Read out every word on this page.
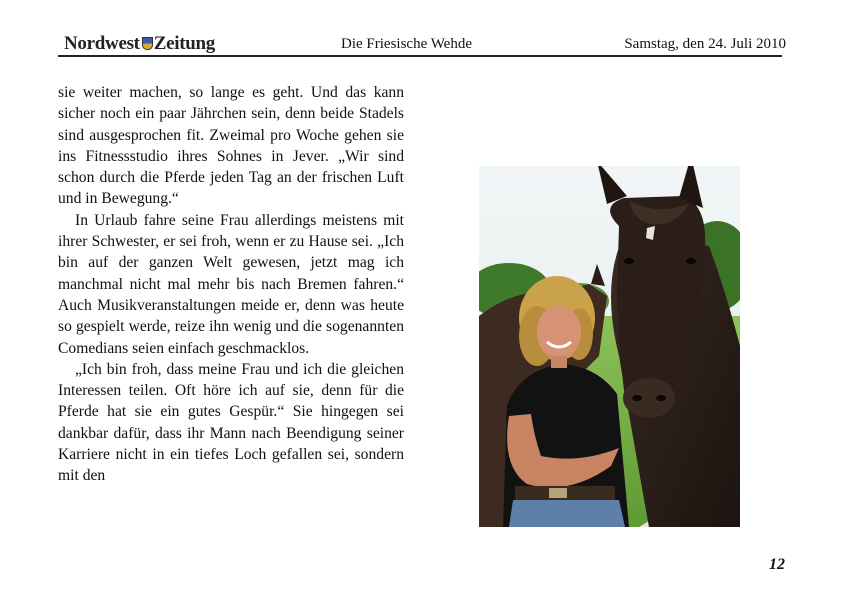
Nordwest Zeitung	Die Friesische Wehde	Samstag, den 24. Juli 2010

sie weiter machen, so lange es geht. Und das kann sicher noch ein paar Jährchen sein, denn beide Stadels sind ausgesprochen fit. Zweimal pro Woche gehen sie ins Fitnessstudio ihres Sohnes in Jever. „Wir sind schon durch die Pferde jeden Tag an der frischen Luft und in Bewegung.“

In Urlaub fahre seine Frau allerdings meistens mit ihrer Schwester, er sei froh, wenn er zu Hause sei. „Ich bin auf der ganzen Welt gewesen, jetzt mag ich manchmal nicht mal mehr bis nach Bremen fahren.“ Auch Musikveranstaltungen meide er, denn was heute so gespielt werde, reize ihn wenig und die sogenannten Comedians seien einfach geschmacklos.

„Ich bin froh, dass meine Frau und ich die gleichen Interessen teilen. Oft höre ich auf sie, denn für die Pferde hat sie ein gutes Gespür.“ Sie hingegen sei dankbar dafür, dass ihr Mann nach Beendigung seiner Karriere nicht in ein tiefes Loch gefallen sei, sondern mit den

12
